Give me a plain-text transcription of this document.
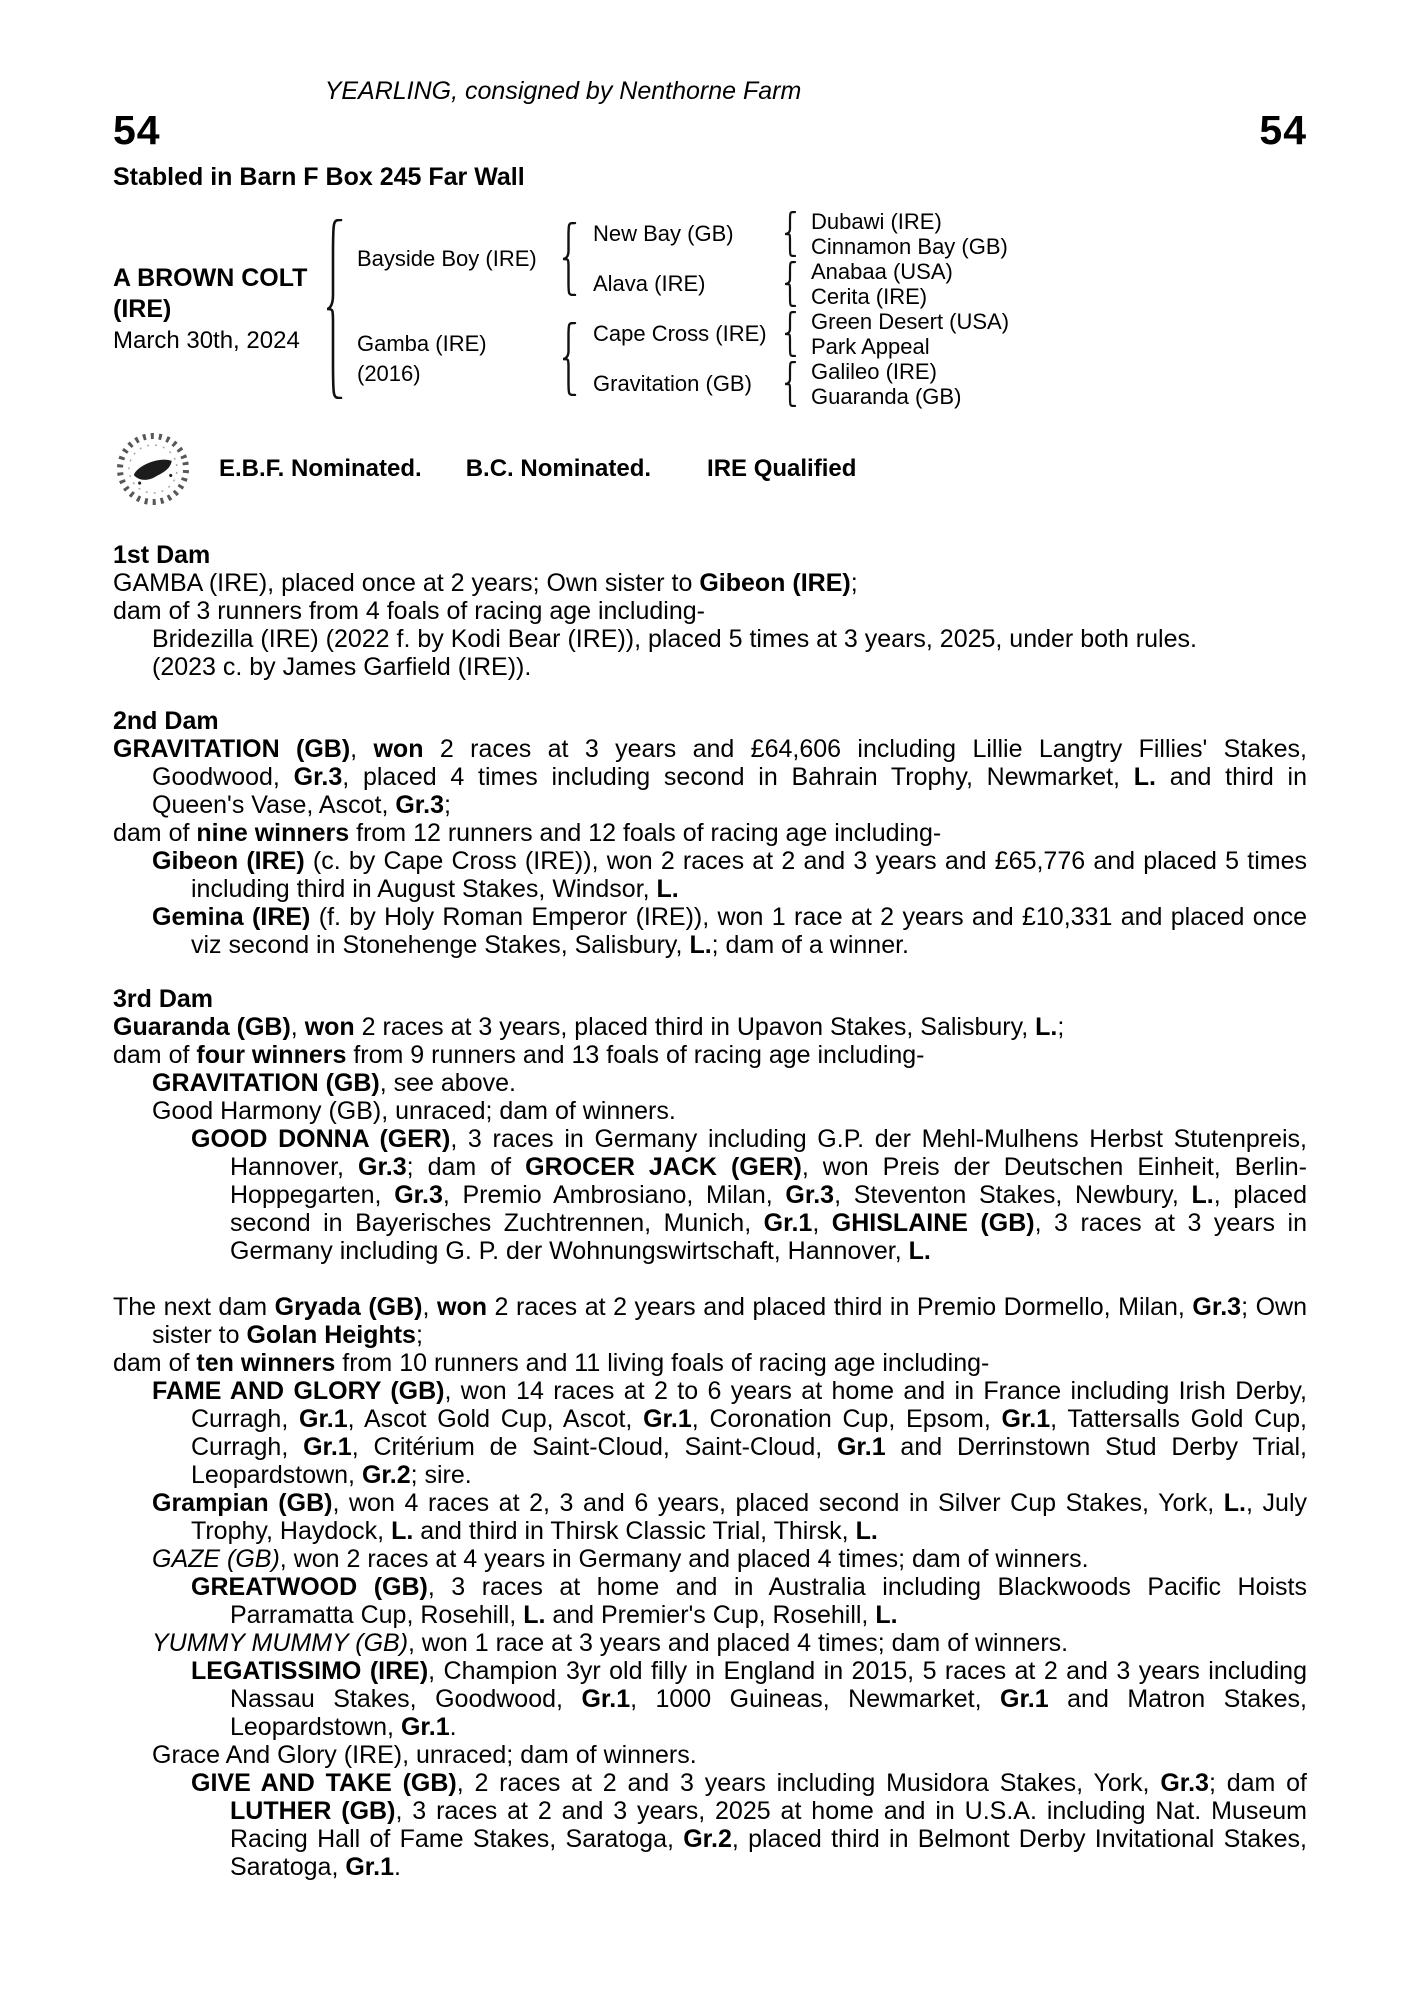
YEARLING, consigned by Nenthorne Farm
54	54
Stabled in Barn F Box 245 Far Wall
A BROWN COLT
(IRE)
March 30th, 2024
Bayside Boy (IRE)
Gamba (IRE)
(2016)
New Bay (GB)
Alava (IRE)
Cape Cross (IRE)
Gravitation (GB)
Dubawi (IRE)
Cinnamon Bay (GB)
Anabaa (USA)
Cerita (IRE)
Green Desert (USA)
Park Appeal
Galileo (IRE)
Guaranda (GB)
E.B.F. Nominated. B.C. Nominated. IRE Qualified
1st Dam
GAMBA (IRE), placed once at 2 years; Own sister to Gibeon (IRE);
dam of 3 runners from 4 foals of racing age including-
Bridezilla (IRE) (2022 f. by Kodi Bear (IRE)), placed 5 times at 3 years, 2025, under both rules.
(2023 c. by James Garfield (IRE)).
2nd Dam
GRAVITATION (GB), won 2 races at 3 years and £64,606 including Lillie Langtry Fillies' Stakes, Goodwood, Gr.3, placed 4 times including second in Bahrain Trophy, Newmarket, L. and third in Queen's Vase, Ascot, Gr.3;
dam of nine winners from 12 runners and 12 foals of racing age including-
Gibeon (IRE) (c. by Cape Cross (IRE)), won 2 races at 2 and 3 years and £65,776 and placed 5 times including third in August Stakes, Windsor, L.
Gemina (IRE) (f. by Holy Roman Emperor (IRE)), won 1 race at 2 years and £10,331 and placed once viz second in Stonehenge Stakes, Salisbury, L.; dam of a winner.
3rd Dam
Guaranda (GB), won 2 races at 3 years, placed third in Upavon Stakes, Salisbury, L.;
dam of four winners from 9 runners and 13 foals of racing age including-
GRAVITATION (GB), see above.
Good Harmony (GB), unraced; dam of winners.
GOOD DONNA (GER), 3 races in Germany including G.P. der Mehl-Mulhens Herbst Stutenpreis, Hannover, Gr.3; dam of GROCER JACK (GER), won Preis der Deutschen Einheit, Berlin-Hoppegarten, Gr.3, Premio Ambrosiano, Milan, Gr.3, Steventon Stakes, Newbury, L., placed second in Bayerisches Zuchtrennen, Munich, Gr.1, GHISLAINE (GB), 3 races at 3 years in Germany including G. P. der Wohnungswirtschaft, Hannover, L.
The next dam Gryada (GB), won 2 races at 2 years and placed third in Premio Dormello, Milan, Gr.3; Own sister to Golan Heights;
dam of ten winners from 10 runners and 11 living foals of racing age including-
FAME AND GLORY (GB), won 14 races at 2 to 6 years at home and in France including Irish Derby, Curragh, Gr.1, Ascot Gold Cup, Ascot, Gr.1, Coronation Cup, Epsom, Gr.1, Tattersalls Gold Cup, Curragh, Gr.1, Critérium de Saint-Cloud, Saint-Cloud, Gr.1 and Derrinstown Stud Derby Trial, Leopardstown, Gr.2; sire.
Grampian (GB), won 4 races at 2, 3 and 6 years, placed second in Silver Cup Stakes, York, L., July Trophy, Haydock, L. and third in Thirsk Classic Trial, Thirsk, L.
GAZE (GB), won 2 races at 4 years in Germany and placed 4 times; dam of winners.
GREATWOOD (GB), 3 races at home and in Australia including Blackwoods Pacific Hoists Parramatta Cup, Rosehill, L. and Premier's Cup, Rosehill, L.
YUMMY MUMMY (GB), won 1 race at 3 years and placed 4 times; dam of winners.
LEGATISSIMO (IRE), Champion 3yr old filly in England in 2015, 5 races at 2 and 3 years including Nassau Stakes, Goodwood, Gr.1, 1000 Guineas, Newmarket, Gr.1 and Matron Stakes, Leopardstown, Gr.1.
Grace And Glory (IRE), unraced; dam of winners.
GIVE AND TAKE (GB), 2 races at 2 and 3 years including Musidora Stakes, York, Gr.3; dam of LUTHER (GB), 3 races at 2 and 3 years, 2025 at home and in U.S.A. including Nat. Museum Racing Hall of Fame Stakes, Saratoga, Gr.2, placed third in Belmont Derby Invitational Stakes, Saratoga, Gr.1.
